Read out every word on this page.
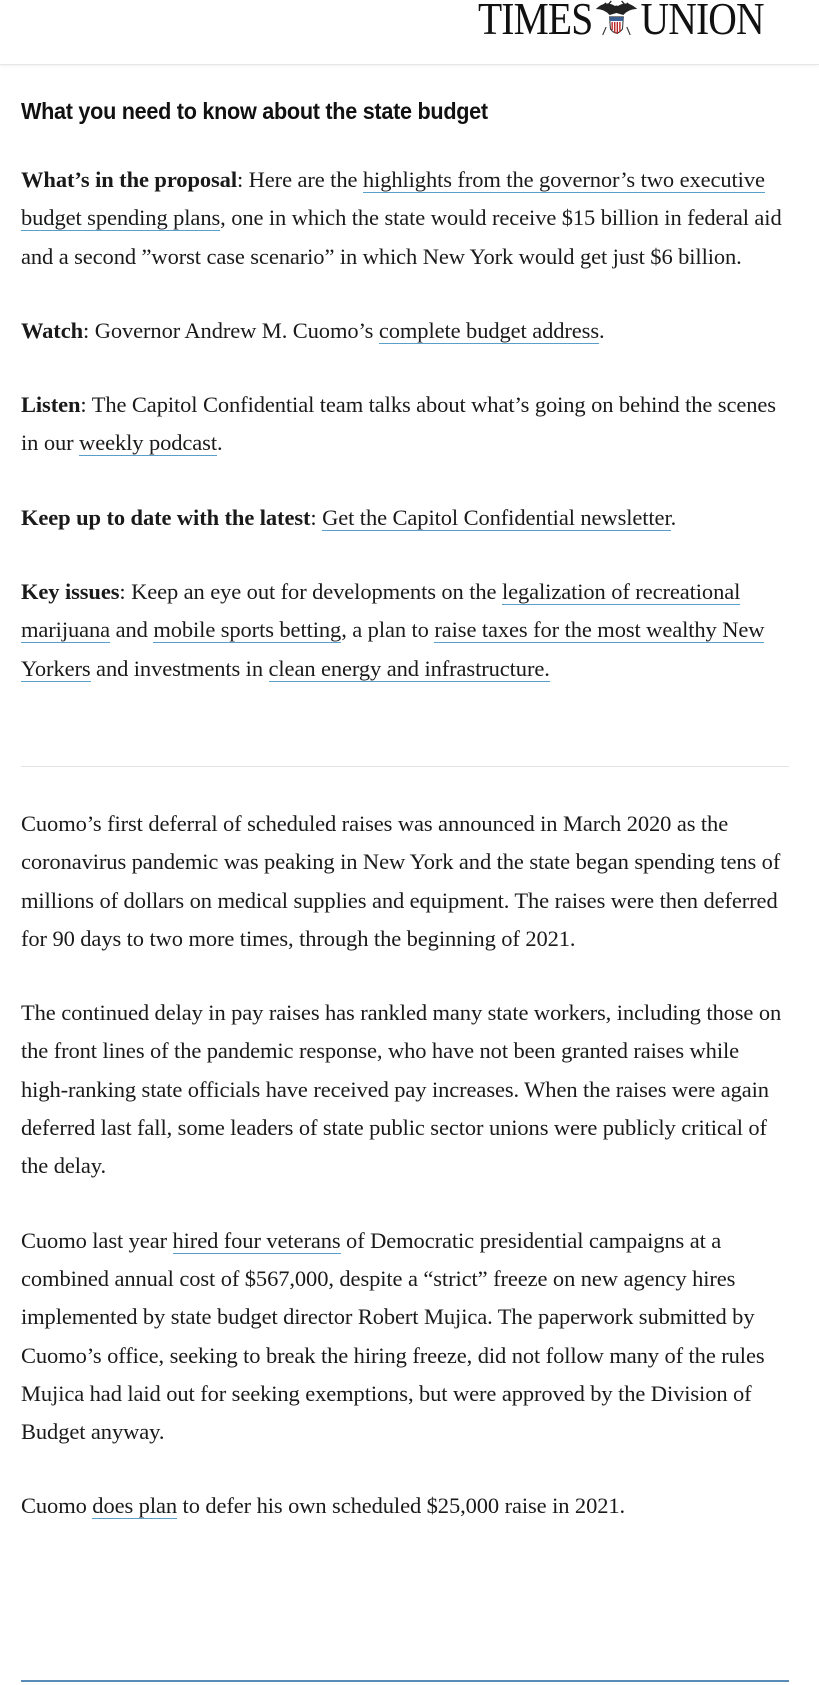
TIMES UNION
What you need to know about the state budget

What’s in the proposal: Here are the highlights from the governor’s two executive budget spending plans, one in which the state would receive $15 billion in federal aid and a second ”worst case scenario” in which New York would get just $6 billion.

Watch: Governor Andrew M. Cuomo’s complete budget address.

Listen: The Capitol Confidential team talks about what’s going on behind the scenes in our weekly podcast.

Keep up to date with the latest: Get the Capitol Confidential newsletter.

Key issues: Keep an eye out for developments on the legalization of recreational marijuana and mobile sports betting, a plan to raise taxes for the most wealthy New Yorkers and investments in clean energy and infrastructure.

Cuomo’s first deferral of scheduled raises was announced in March 2020 as the coronavirus pandemic was peaking in New York and the state began spending tens of millions of dollars on medical supplies and equipment. The raises were then deferred for 90 days to two more times, through the beginning of 2021.

The continued delay in pay raises has rankled many state workers, including those on the front lines of the pandemic response, who have not been granted raises while high-ranking state officials have received pay increases. When the raises were again deferred last fall, some leaders of state public sector unions were publicly critical of the delay.

Cuomo last year hired four veterans of Democratic presidential campaigns at a combined annual cost of $567,000, despite a “strict” freeze on new agency hires implemented by state budget director Robert Mujica. The paperwork submitted by Cuomo’s office, seeking to break the hiring freeze, did not follow many of the rules Mujica had laid out for seeking exemptions, but were approved by the Division of Budget anyway.

Cuomo does plan to defer his own scheduled $25,000 raise in 2021.
